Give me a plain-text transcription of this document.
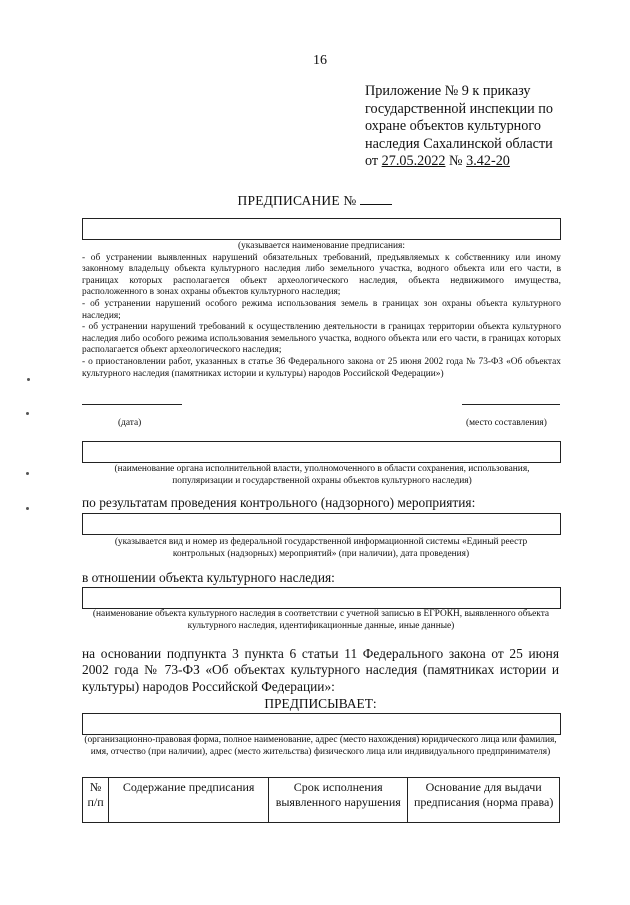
16
Приложение № 9 к приказу
государственной инспекции по
охране объектов культурного
наследия Сахалинской области
от 27.05.2022 № 3.42-20
ПРЕДПИСАНИЕ №
(указывается наименование предписания:
- об устранении выявленных нарушений обязательных требований, предъявляемых к собственнику или иному законному владельцу объекта культурного наследия либо земельного участка, водного объекта или его части, в границах которых располагается объект археологического наследия, объекта недвижимого имущества, расположенного в зонах охраны объектов культурного наследия;
- об устранении нарушений особого режима использования земель в границах зон охраны объекта культурного наследия;
- об устранении нарушений требований к осуществлению деятельности в границах территории объекта культурного наследия либо особого режима использования земельного участка, водного объекта или его части, в границах которых располагается объект археологического наследия;
- о приостановлении работ, указанных в статье 36 Федерального закона от 25 июня 2002 года № 73-ФЗ «Об объектах культурного наследия (памятниках истории и культуры) народов Российской Федерации»)
(дата)	(место составления)
(наименование органа исполнительной власти, уполномоченного в области сохранения, использования, популяризации и государственной охраны объектов культурного наследия)
по результатам проведения контрольного (надзорного) мероприятия:
(указывается вид и номер из федеральной государственной информационной системы «Единый реестр контрольных (надзорных) мероприятий» (при наличии), дата проведения)
в отношении объекта культурного наследия:
(наименование объекта культурного наследия в соответствии с учетной записью в ЕГРОКН, выявленного объекта культурного наследия, идентификационные данные, иные данные)
на основании подпункта 3 пункта 6 статьи 11 Федерального закона от 25 июня 2002 года № 73-ФЗ «Об объектах культурного наследия (памятниках истории и культуры) народов Российской Федерации»:
ПРЕДПИСЫВАЕТ:
(организационно-правовая форма, полное наименование, адрес (место нахождения) юридического лица или фамилия, имя, отчество (при наличии), адрес (место жительства) физического лица или индивидуального предпринимателя)
№ п/п	Содержание предписания	Срок исполнения выявленного нарушения	Основание для выдачи предписания (норма права)
